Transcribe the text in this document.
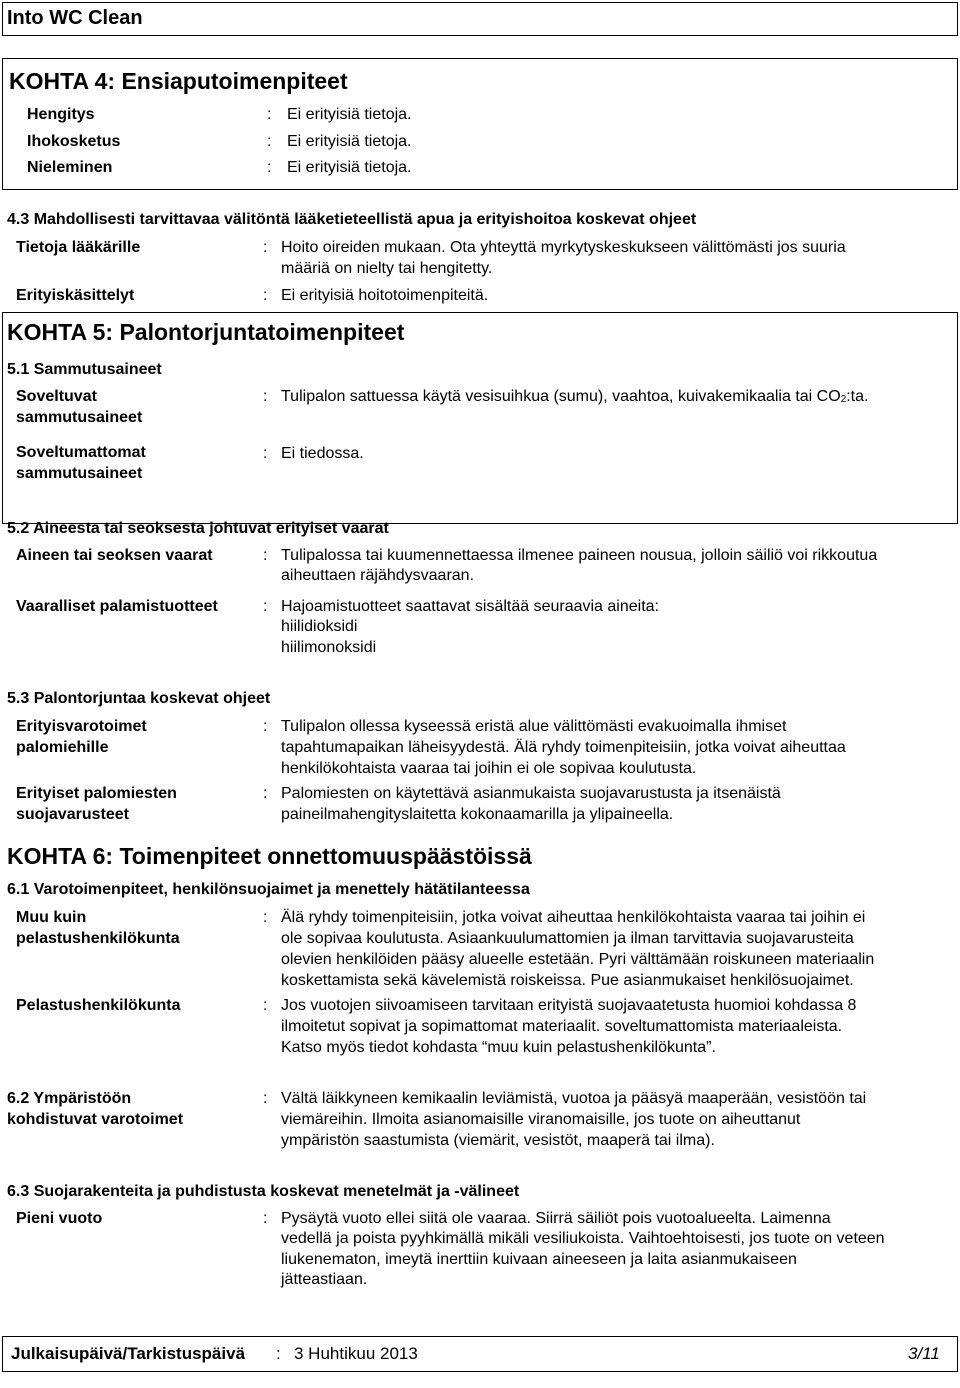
Into WC Clean
KOHTA 4: Ensiaputoimenpiteet
Hengitys	: Ei erityisiä tietoja.
Ihokosketus	: Ei erityisiä tietoja.
Nieleminen	: Ei erityisiä tietoja.
4.3 Mahdollisesti tarvittavaa välitöntä lääketieteellistä apua ja erityishoitoa koskevat ohjeet
Tietoja lääkärille	: Hoito oireiden mukaan. Ota yhteyttä myrkytyskeskukseen välittömästi jos suuria
määriä on nielty tai hengitetty.
Erityiskäsittelyt	: Ei erityisiä hoitotoimenpiteitä.
KOHTA 5: Palontorjuntatoimenpiteet
5.1 Sammutusaineet
Soveltuvat
sammutusaineet
: Tulipalon sattuessa käytä vesisuihkua (sumu), vaahtoa, kuivakemikaalia tai $CO_2:ta$.
Soveltumattomat
sammutusaineet
: Ei tiedossa.
5.2 Aineesta tai seoksesta johtuvat erityiset vaarat
Aineen tai seoksen vaarat	: Tulipalossa tai kuumennettaessa ilmenee paineen nousua, jolloin säiliö voi rikkoutua
aiheuttaen räjähdysvaaran.
Vaaralliset palamistuotteet	: Hajoamistuotteet saattavat sisältää seuraavia aineita:
hiilidioksidi
hiilimonoksidi
5.3 Palontorjuntaa koskevat ohjeet
Erityisvarotoimet
palomiehille
: Tulipalon ollessa kyseessä eristä alue välittömästi evakuoimalla ihmiset
tapahtumapaikan läheisyydestä. Älä ryhdy toimenpiteisiin, jotka voivat aiheuttaa
henkilökohtaista vaaraa tai joihin ei ole sopivaa koulutusta.
Erityiset palomiesten
suojavarusteet
: Palomiesten on käytettävä asianmukaista suojavarustusta ja itsenäistä
paineilmahengityslaitetta kokonaamarilla ja ylipaineella.
KOHTA 6: Toimenpiteet onnettomuuspäästöissä
6.1 Varotoimenpiteet, henkilönsuojaimet ja menettely hätätilanteessa
Muu kuin
pelastushenkilökunta
: Älä ryhdy toimenpiteisiin, jotka voivat aiheuttaa henkilökohtaista vaaraa tai joihin ei
ole sopivaa koulutusta. Asiaankuulumattomien ja ilman tarvittavia suojavarusteita
olevien henkilöiden pääsy alueelle estetään. Pyri välttämään roiskuneen materiaalin
koskettamista sekä kävelemistä roiskeissa. Pue asianmukaiset henkilösuojaimet.
Pelastushenkilökunta	: Jos vuotojen siivoamiseen tarvitaan erityistä suojavaatetusta huomioi kohdassa 8
ilmoitetut sopivat ja sopimattomat materiaalit. soveltumattomista materiaaleista.
Katso myös tiedot kohdasta “muu kuin pelastushenkilökunta”.
6.2 Ympäristöön
kohdistuvat varotoimet
: Vältä läikkyneen kemikaalin leviämistä, vuotoa ja pääsyä maaperään, vesistöön tai
viemäreihin. Ilmoita asianomaisille viranomaisille, jos tuote on aiheuttanut
ympäristön saastumista (viemärit, vesistöt, maaperä tai ilma).
6.3 Suojarakenteita ja puhdistusta koskevat menetelmät ja -välineet
Pieni vuoto	: Pysäytä vuoto ellei siitä ole vaaraa. Siirrä säiliöt pois vuotoalueelta. Laimenna
vedellä ja poista pyyhkimällä mikäli vesiliukoista. Vaihtoehtoisesti, jos tuote on veteen
liukenematon, imeytä inerttiin kuivaan aineeseen ja laita asianmukaiseen
jätteastiaan.
Julkaisupäivä/Tarkistuspäivä : 3 Huhtikuu 2013	3/11
